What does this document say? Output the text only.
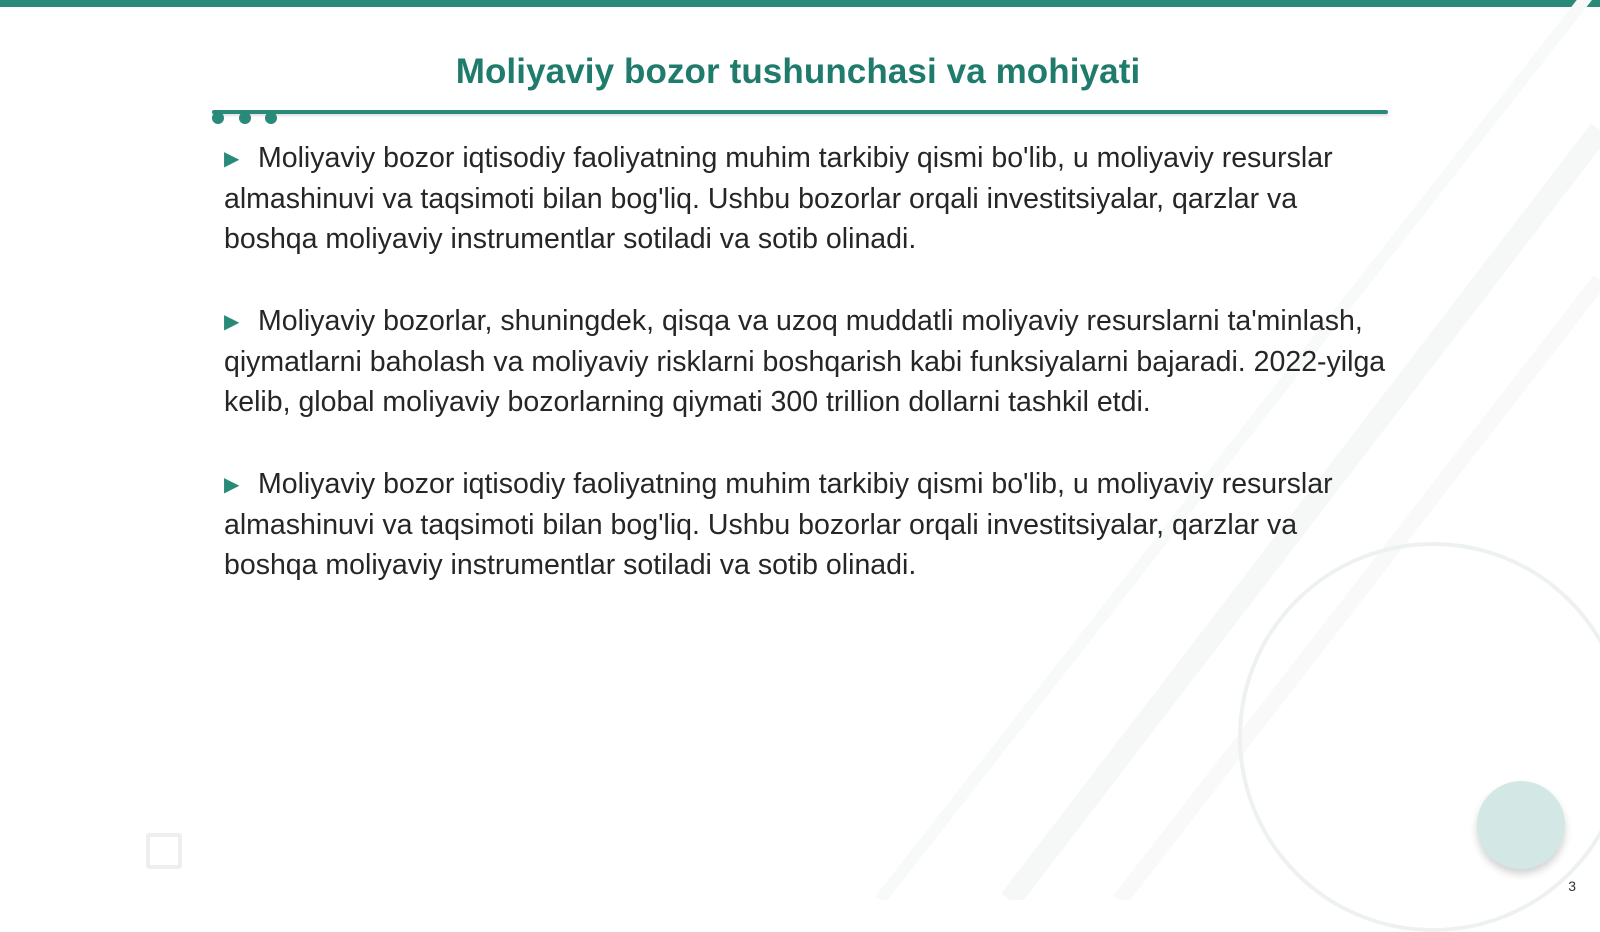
Moliyaviy bozor tushunchasi va mohiyati

▶ Moliyaviy bozor iqtisodiy faoliyatning muhim tarkibiy qismi bo'lib, u moliyaviy resurslar almashinuvi va taqsimoti bilan bog'liq. Ushbu bozorlar orqali investitsiyalar, qarzlar va boshqa moliyaviy instrumentlar sotiladi va sotib olinadi.

▶ Moliyaviy bozorlar, shuningdek, qisqa va uzoq muddatli moliyaviy resurslarni ta'minlash, qiymatlarni baholash va moliyaviy risklarni boshqarish kabi funksiyalarni bajaradi. 2022-yilga kelib, global moliyaviy bozorlarning qiymati 300 trillion dollarni tashkil etdi.

▶ Moliyaviy bozor iqtisodiy faoliyatning muhim tarkibiy qismi bo'lib, u moliyaviy resurslar almashinuvi va taqsimoti bilan bog'liq. Ushbu bozorlar orqali investitsiyalar, qarzlar va boshqa moliyaviy instrumentlar sotiladi va sotib olinadi.

3
